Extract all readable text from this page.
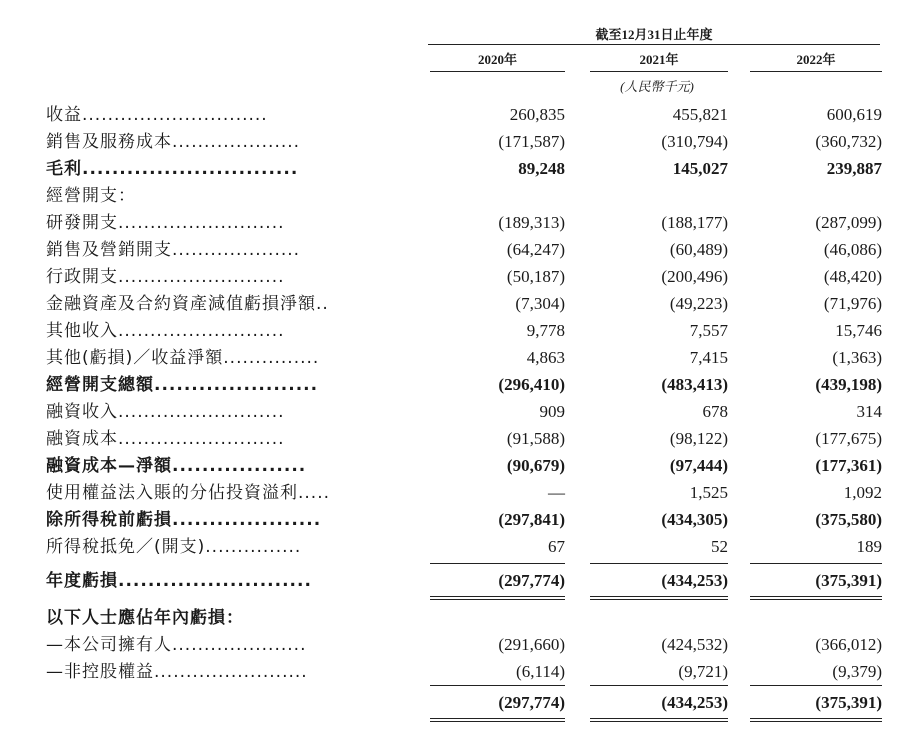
截至12月31日止年度
2020年	2021年	2022年
(人民幣千元)
收益.............................	260,835	455,821	600,619
銷售及服務成本....................	(171,587)	(310,794)	(360,732)
毛利.............................	89,248	145,027	239,887
經營開支：
研發開支..........................	(189,313)	(188,177)	(287,099)
銷售及營銷開支....................	(64,247)	(60,489)	(46,086)
行政開支..........................	(50,187)	(200,496)	(48,420)
金融資產及合約資產減值虧損淨額..	(7,304)	(49,223)	(71,976)
其他收入..........................	9,778	7,557	15,746
其他(虧損)／收益淨額...............	4,863	7,415	(1,363)
經營開支總額......................	(296,410)	(483,413)	(439,198)
融資收入..........................	909	678	314
融資成本..........................	(91,588)	(98,122)	(177,675)
融資成本—淨額..................	(90,679)	(97,444)	(177,361)
使用權益法入賬的分佔投資溢利.....	—	1,525	1,092
除所得稅前虧損....................	(297,841)	(434,305)	(375,580)
所得稅抵免／(開支)...............	67	52	189
年度虧損..........................	(297,774)	(434,253)	(375,391)
以下人士應佔年內虧損：
—本公司擁有人.....................	(291,660)	(424,532)	(366,012)
—非控股權益........................	(6,114)	(9,721)	(9,379)
(297,774)	(434,253)	(375,391)
